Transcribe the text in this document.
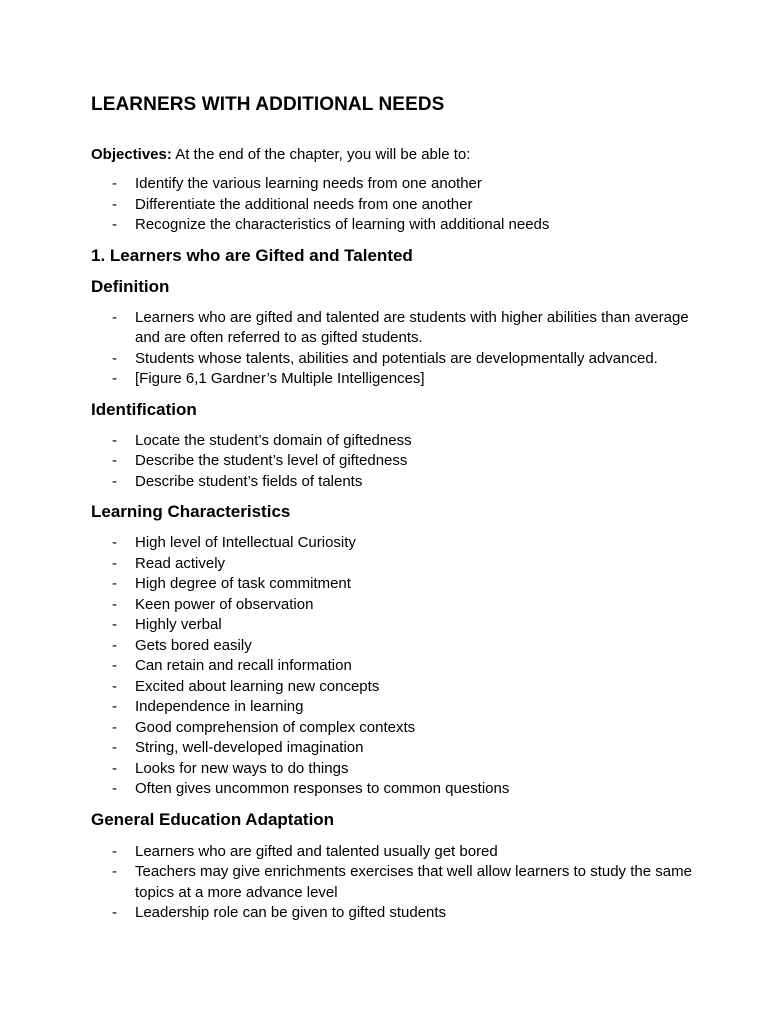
LEARNERS WITH ADDITIONAL NEEDS

Objectives: At the end of the chapter, you will be able to:

- Identify the various learning needs from one another
- Differentiate the additional needs from one another
- Recognize the characteristics of learning with additional needs
1. Learners who are Gifted and Talented
Definition
- Learners who are gifted and talented are students with higher abilities than average and are often referred to as gifted students.
- Students whose talents, abilities and potentials are developmentally advanced.
- [Figure 6,1 Gardner’s Multiple Intelligences]
Identification
- Locate the student’s domain of giftedness
- Describe the student’s level of giftedness
- Describe student’s fields of talents
Learning Characteristics
- High level of Intellectual Curiosity
- Read actively
- High degree of task commitment
- Keen power of observation
- Highly verbal
- Gets bored easily
- Can retain and recall information
- Excited about learning new concepts
- Independence in learning
- Good comprehension of complex contexts
- String, well-developed imagination
- Looks for new ways to do things
- Often gives uncommon responses to common questions
General Education Adaptation
- Learners who are gifted and talented usually get bored
- Teachers may give enrichments exercises that well allow learners to study the same topics at a more advance level
- Leadership role can be given to gifted students
